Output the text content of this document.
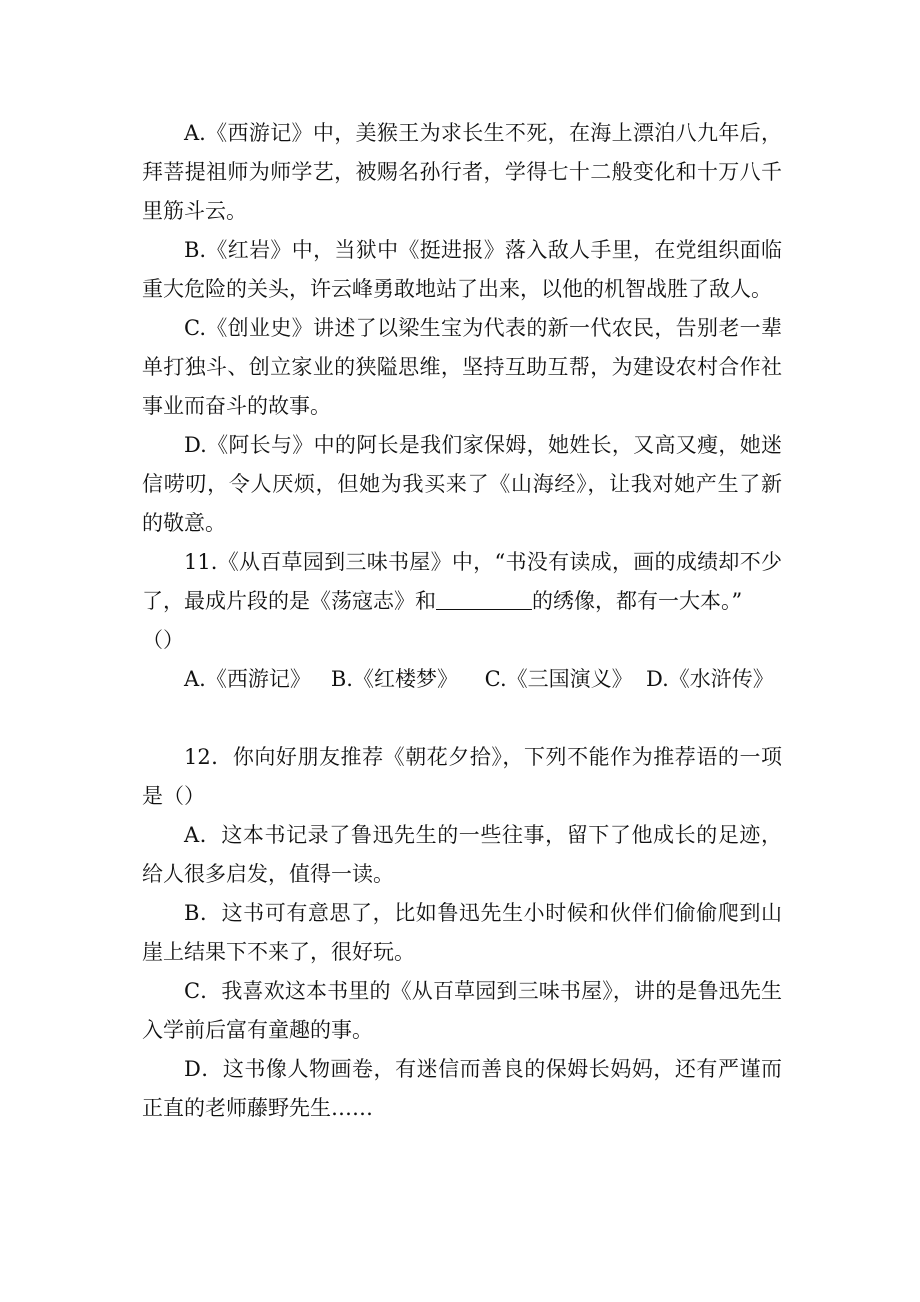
A.《西游记》中，美猴王为求长生不死，在海上漂泊八九年后，拜菩提祖师为师学艺，被赐名孙行者，学得七十二般变化和十万八千里筋斗云。

B.《红岩》中，当狱中《挺进报》落入敌人手里，在党组织面临重大危险的关头，许云峰勇敢地站了出来，以他的机智战胜了敌人。

C.《创业史》讲述了以梁生宝为代表的新一代农民，告别老一辈单打独斗、创立家业的狭隘思维，坚持互助互帮，为建设农村合作社事业而奋斗的故事。

D.《阿长与》中的阿长是我们家保姆，她姓长，又高又瘦，她迷信唠叨，令人厌烦，但她为我买来了《山海经》，让我对她产生了新的敬意。

11.《从百草园到三味书屋》中，“书没有读成，画的成绩却不少了，最成片段的是《荡寇志》和	的绣像，都有一大本。”
（）

A.《西游记》   B.《红楼梦》    C.《三国演义》  D.《水浒传》

12．你向好朋友推荐《朝花夕拾》，下列不能作为推荐语的一项是（）

A．这本书记录了鲁迅先生的一些往事，留下了他成长的足迹，给人很多启发，值得一读。

B．这书可有意思了，比如鲁迅先生小时候和伙伴们偷偷爬到山崖上结果下不来了，很好玩。

C．我喜欢这本书里的《从百草园到三味书屋》，讲的是鲁迅先生入学前后富有童趣的事。

D．这书像人物画卷，有迷信而善良的保姆长妈妈，还有严谨而正直的老师藤野先生……
